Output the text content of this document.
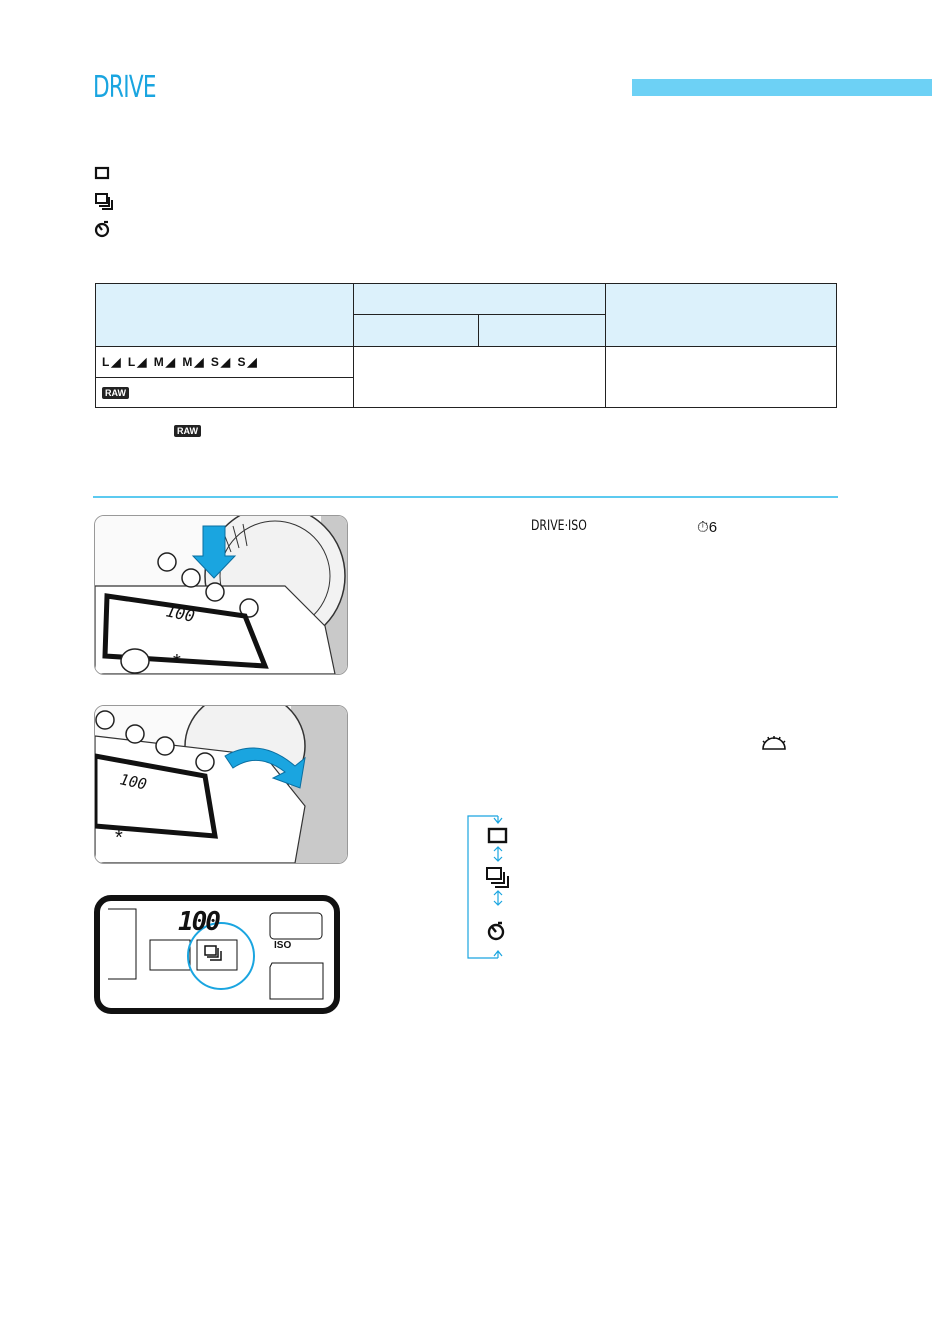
DRIVE

L◢ L◢ M◢ M◢ S◢ S◢			
RAW			
RAW
DRIVE·ISO	⏱6
100
*
100
*
100
ISO
